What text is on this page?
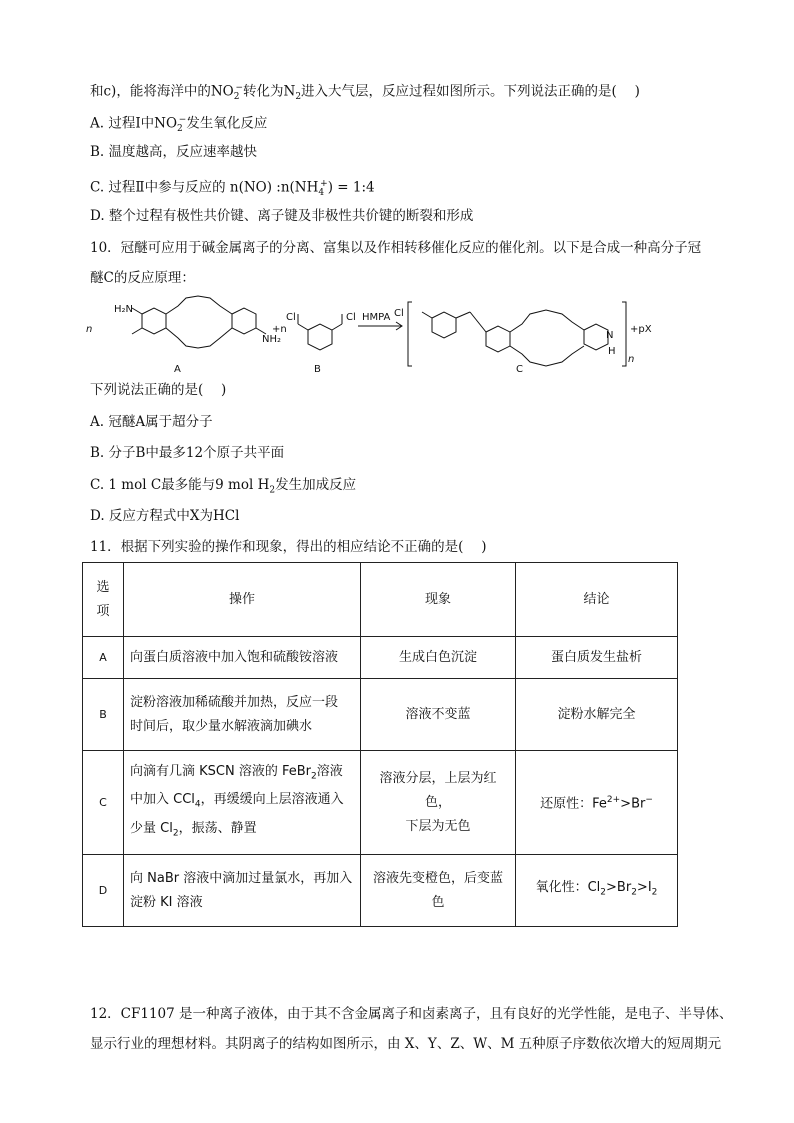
和c)，能将海洋中的$NO_2^-$转化为$N_2$进入大气层，反应过程如图所示。下列说法正确的是(　 )
A. 过程Ⅰ中$NO_2^-$发生氧化反应
B. 温度越高，反应速率越快
C. 过程Ⅱ中参与反应的 n(NO) $:n(NH_4^+)$ = 1:4
D. 整个过程有极性共价键、离子键及非极性共价键的断裂和形成
10．冠醚可应用于碱金属离子的分离、富集以及作相转移催化反应的催化剂。以下是合成一种高分子冠
醚C的反应原理：
n
H₂N
NH₂
A
+n
Cl	Cl
B
HMPA Cl
N
H
+pX
n
C
下列说法正确的是(　 )
A. 冠醚A属于超分子
B. 分子B中最多12个原子共平面
C. 1 mol C最多能与9 mol $H_2$发生加成反应
D. 反应方程式中X为HCl
11．根据下列实验的操作和现象，得出的相应结论不正确的是(　 )
选
项	操作	现象	结论
A	向蛋白质溶液中加入饱和硫酸铵溶液	生成白色沉淀	蛋白质发生盐析
B	淀粉溶液加稀硫酸并加热，反应一段
时间后，取少量水解液滴加碘水	溶液不变蓝	淀粉水解完全
C	向滴有几滴 KSCN 溶液的 FeBr$_2$溶液
中加入 CCl$_4$，再缓缓向上层溶液通入
少量 $Cl_2$，振荡、静置	溶液分层，上层为红色，
下层为无色	还原性：$Fe^{2+}>Br^-$
D	向 NaBr 溶液中滴加过量氯水，再加入
淀粉 KI 溶液	溶液先变橙色，后变蓝色	氧化性：$Cl_2>Br_2>I_2$
12．CF1107 是一种离子液体，由于其不含金属离子和卤素离子，且有良好的光学性能，是电子、半导体、
显示行业的理想材料。其阴离子的结构如图所示，由 X、Y、Z、W、M 五种原子序数依次增大的短周期元
